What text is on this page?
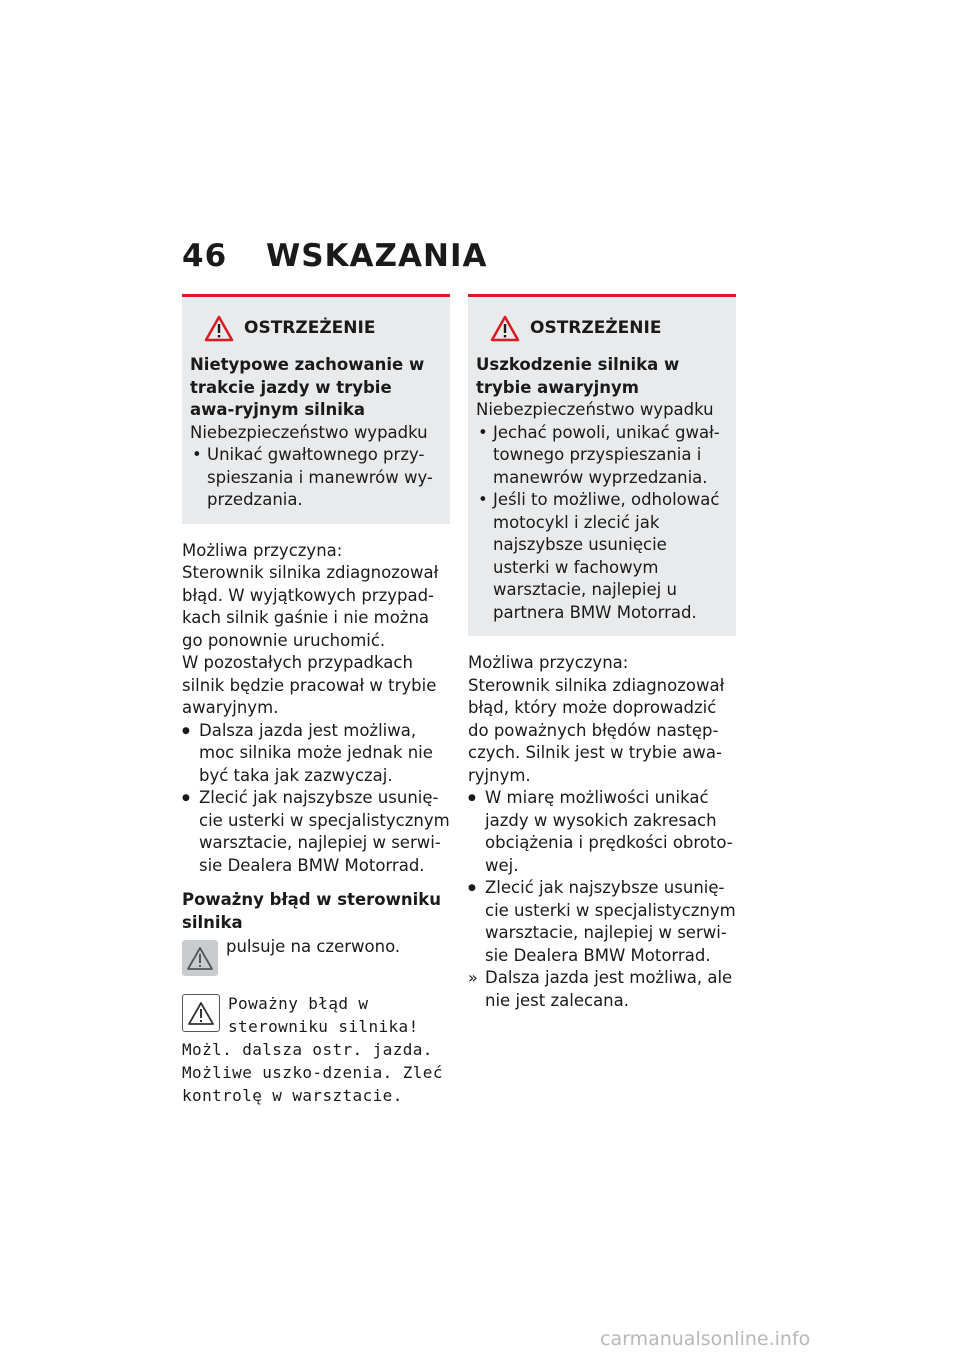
46 WSKAZANIA
OSTRZEŻENIE
Nietypowe zachowanie w trakcie jazdy w trybie awa-ryjnym silnika
Niebezpieczeństwo wypadku
• Unikać gwałtownego przy-spieszania i manewrów wy-przedzania.

Możliwa przyczyna:

Sterownik silnika zdiagnozował błąd. W wyjątkowych przypad-kach silnik gaśnie i nie można go ponownie uruchomić.

W pozostałych przypadkach silnik będzie pracował w trybie awaryjnym.

● Dalsza jazda jest możliwa, moc silnika może jednak nie być taka jak zazwyczaj.
● Zlecić jak najszybsze usunię-cie usterki w specjalistycznym warsztacie, najlepiej w serwi-sie Dealera BMW Motorrad.
Poważny błąd w sterowniku silnika
pulsuje na czerwono.
Poważny błąd w sterowniku silnika! Możl. dalsza ostr. jazda. Możliwe uszko-dzenia. Zleć kontrolę w warsztacie.
OSTRZEŻENIE
Uszkodzenie silnika w trybie awaryjnym
Niebezpieczeństwo wypadku
• Jechać powoli, unikać gwał-townego przyspieszania i manewrów wyprzedzania.
• Jeśli to możliwe, odholować motocykl i zlecić jak najszybsze usunięcie usterki w fachowym warsztacie, najlepiej u partnera BMW Motorrad.

Możliwa przyczyna:

Sterownik silnika zdiagnozował błąd, który może doprowadzić do poważnych błędów następ-czych. Silnik jest w trybie awa-ryjnym.

● W miarę możliwości unikać jazdy w wysokich zakresach obciążenia i prędkości obroto-wej.
● Zlecić jak najszybsze usunię-cie usterki w specjalistycznym warsztacie, najlepiej w serwi-sie Dealera BMW Motorrad.
» Dalsza jazda jest możliwa, ale nie jest zalecana.
carmanualsonline.info
